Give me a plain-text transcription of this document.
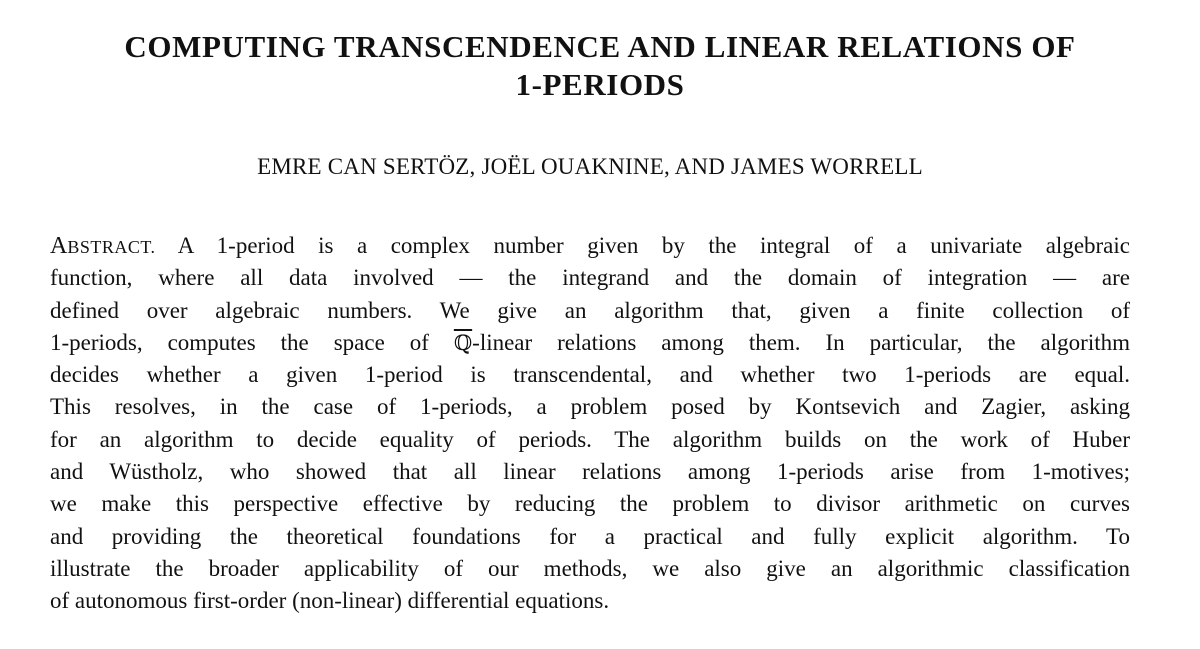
COMPUTING TRANSCENDENCE AND LINEAR RELATIONS OF
1-PERIODS
EMRE CAN SERTÖZ, JOËL OUAKNINE, AND JAMES WORRELL
ABSTRACT. A 1-period is a complex number given by the integral of a univariate algebraic
function, where all data involved — the integrand and the domain of integration — are
defined over algebraic numbers. We give an algorithm that, given a finite collection of
1-periods, computes the space of ℚ-linear relations among them. In particular, the algorithm
decides whether a given 1-period is transcendental, and whether two 1-periods are equal.
This resolves, in the case of 1-periods, a problem posed by Kontsevich and Zagier, asking
for an algorithm to decide equality of periods. The algorithm builds on the work of Huber
and Wüstholz, who showed that all linear relations among 1-periods arise from 1-motives;
we make this perspective effective by reducing the problem to divisor arithmetic on curves
and providing the theoretical foundations for a practical and fully explicit algorithm. To
illustrate the broader applicability of our methods, we also give an algorithmic classification
of autonomous first-order (non-linear) differential equations.
